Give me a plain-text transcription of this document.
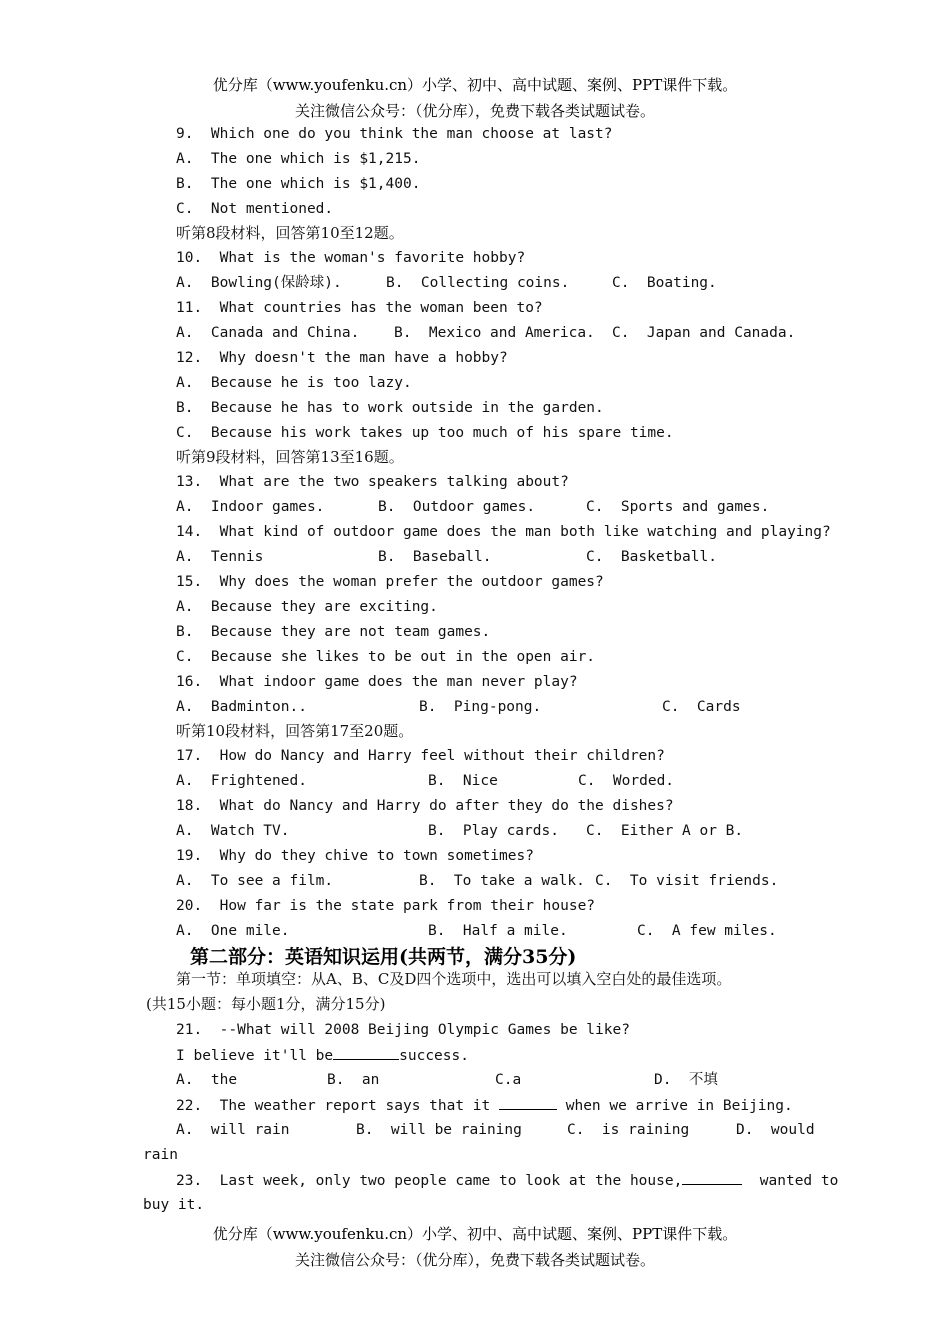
优分库（www.youfenku.cn）小学、初中、高中试题、案例、PPT课件下载。
关注微信公众号：（优分库），免费下载各类试题试卷。
9.  Which one do you think the man choose at last?
A.  The one which is $1,215.
B.  The one which is $1,400.
C.  Not mentioned.
听第8段材料，回答第10至12题。
10.  What is the woman's favorite hobby?

A.  Bowling(保龄球).

	B.  Collecting coins.

	C.  Boating.

11.  What countries has the woman been to?

A.  Canada and China.

B.  Mexico and America.

C.  Japan and Canada.

12.  Why doesn't the man have a hobby?
A.  Because he is too lazy.
B.  Because he has to work outside in the garden.
C.  Because his work takes up too much of his spare time.
听第9段材料，回答第13至16题。
13.  What are the two speakers talking about?

A.  Indoor games.

	B.  Outdoor games.

	C.  Sports and games.

14.  What kind of outdoor game does the man both like watching and playing?

A.  Tennis

	B.  Baseball.

	C.  Basketball.

15.  Why does the woman prefer the outdoor games?
A.  Because they are exciting.
B.  Because they are not team games.
C.  Because she likes to be out in the open air.
16.  What indoor game does the man never play?

A.  Badminton..

	B.  Ping-pong.

	C.  Cards

听第10段材料，回答第17至20题。
17.  How do Nancy and Harry feel without their children?

A.  Frightened.

	B.  Nice

	C.  Worded.

18.  What do Nancy and Harry do after they do the dishes?

A.  Watch TV.

	B.  Play cards.

C.  Either A or B.

19.  Why do they chive to town sometimes?

A.  To see a film.

	B.  To take a walk.

C.  To visit friends.

20.  How far is the state park from their house?

A.  One mile.

	B.  Half a mile.

	C.  A few miles.

第二部分：英语知识运用(共两节，满分35分)
第一节：单项填空：从A、B、C及D四个选项中，选出可以填入空白处的最佳选项。
(共15小题：每小题1分，满分15分)
21.  --What will 2008 Beijing Olympic Games be like?
I believe it'll be	success.

A.  the

	B.  an

	C.a

	D.  不填

22.  The weather report says that it	when we arrive in Beijing.

A.  will rain

	B.  will be raining

	C.  is raining

	D.  would

rain
23.  Last week, only two people came to look at the house,	wanted to
buy it.
优分库（www.youfenku.cn）小学、初中、高中试题、案例、PPT课件下载。
关注微信公众号：（优分库），免费下载各类试题试卷。
